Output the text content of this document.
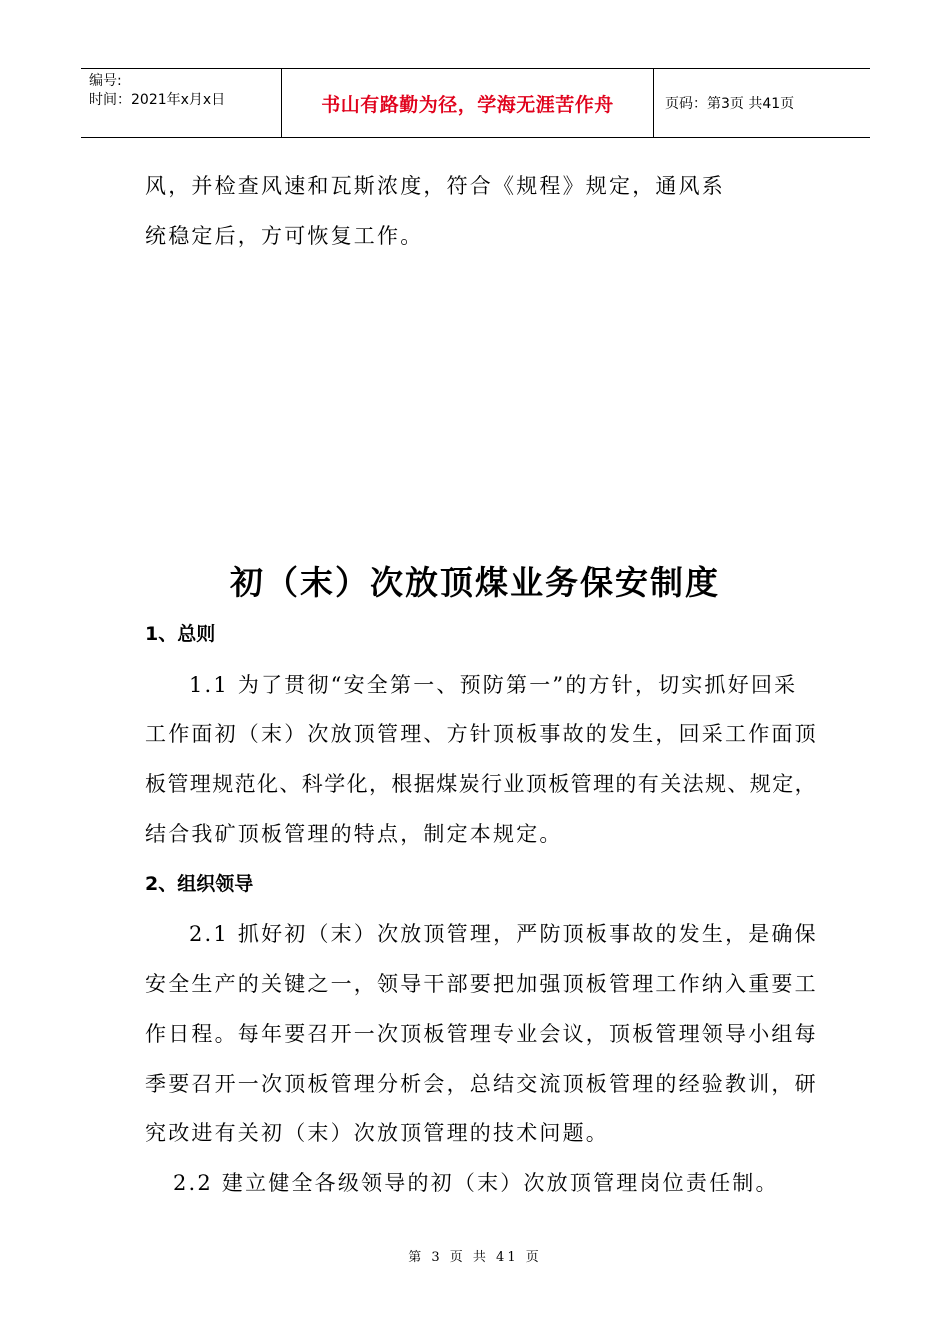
编号:
时间：2021年x月x日	书山有路勤为径，学海无涯苦作舟	页码：第3页 共41页
风，并检查风速和瓦斯浓度，符合《规程》规定，通风系
统稳定后，方可恢复工作。
初（末）次放顶煤业务保安制度
1、总则
1.1 为了贯彻“安全第一、预防第一”的方针，切实抓好回采
工作面初（末）次放顶管理、方针顶板事故的发生，回采工作面顶
板管理规范化、科学化，根据煤炭行业顶板管理的有关法规、规定，
结合我矿顶板管理的特点，制定本规定。
2、组织领导
2.1 抓好初（末）次放顶管理，严防顶板事故的发生，是确保
安全生产的关键之一，领导干部要把加强顶板管理工作纳入重要工
作日程。每年要召开一次顶板管理专业会议，顶板管理领导小组每
季要召开一次顶板管理分析会，总结交流顶板管理的经验教训，研
究改进有关初（末）次放顶管理的技术问题。
2.2 建立健全各级领导的初（末）次放顶管理岗位责任制。
第 3 页 共 41 页
